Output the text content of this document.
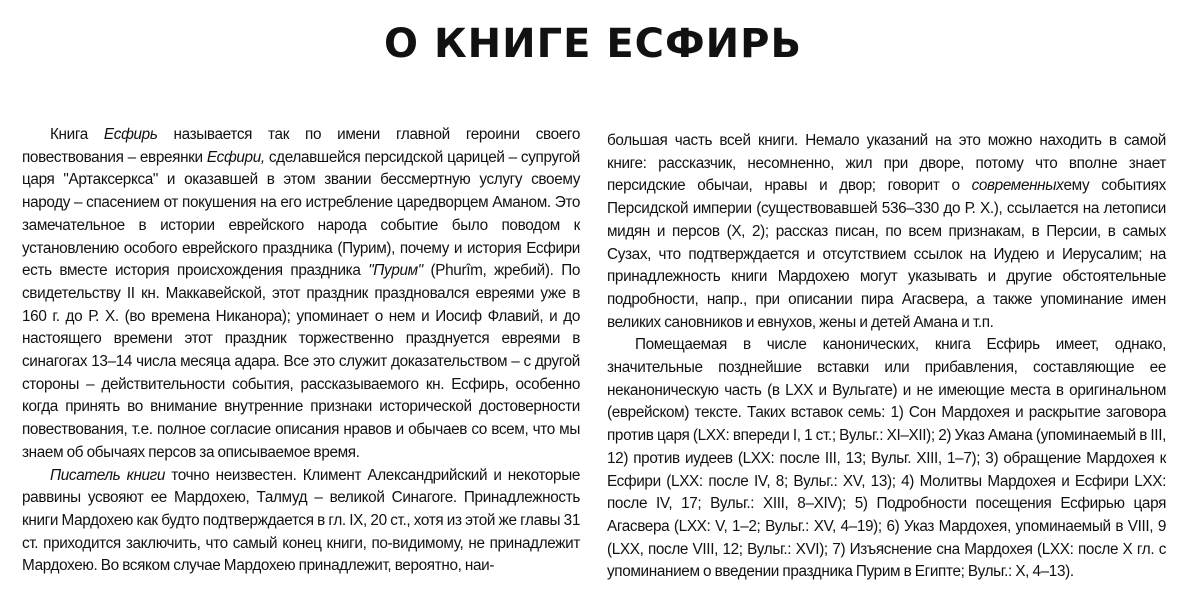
О КНИГЕ ЕСФИРЬ

Книга Есфирь называется так по имени главной героини своего повествования – евреянки Есфири, сделавшейся персидской царицей – супругой царя "Артаксеркса" и оказавшей в этом звании бессмертную услугу своему народу – спасением от покушения на его истребление царедворцем Аманом. Это замечательное в истории еврейского народа событие было поводом к установлению особого еврейского праздника (Пурим), почему и история Есфири есть вместе история происхождения праздника "Пурим" (Phurîm, жребий). По свидетельству II кн. Маккавейской, этот праздник праздновался евреями уже в 160 г. до Р. Х. (во времена Никанора); упоминает о нем и Иосиф Флавий, и до настоящего времени этот праздник торжественно празднуется евреями в синагогах 13–14 числа месяца адара. Все это служит доказательством – с другой стороны – действительности события, рассказываемого кн. Есфирь, особенно когда принять во внимание внутренние признаки исторической достоверности повествования, т.е. полное согласие описания нравов и обычаев со всем, что мы знаем об обычаях персов за описываемое время.

Писатель книги точно неизвестен. Климент Александрийский и некоторые раввины усвояют ее Мардохею, Талмуд – великой Синагоге. Принадлежность книги Мардохею как будто подтверждается в гл. IX, 20 ст., хотя из этой же главы 31 ст. приходится заключить, что самый конец книги, по-видимому, не принадлежит Мардохею. Во всяком случае Мардохею принадлежит, вероятно, наи-

большая часть всей книги. Немало указаний на это можно находить в самой книге: рассказчик, несомненно, жил при дворе, потому что вполне знает персидские обычаи, нравы и двор; говорит о современныхему событиях Персидской империи (существовавшей 536–330 до Р. Х.), ссылается на летописи мидян и персов (X, 2); рассказ писан, по всем признакам, в Персии, в самых Сузах, что подтверждается и отсутствием ссылок на Иудею и Иерусалим; на принадлежность книги Мардохею могут указывать и другие обстоятельные подробности, напр., при описании пира Агасвера, а также упоминание имен великих сановников и евнухов, жены и детей Амана и т.п.

Помещаемая в числе канонических, книга Есфирь имеет, однако, значительные позднейшие вставки или прибавления, составляющие ее неканоническую часть (в LXX и Вульгате) и не имеющие места в оригинальном (еврейском) тексте. Таких вставок семь: 1) Сон Мардохея и раскрытие заговора против царя (LXX: впереди I, 1 ст.; Вульг.: XI–XII); 2) Указ Амана (упоминаемый в III, 12) против иудеев (LXX: после III, 13; Вульг. XIII, 1–7); 3) обращение Мардохея к Есфири (LXX: после IV, 8; Вульг.: XV, 13); 4) Молитвы Мардохея и Есфири LXX: после IV, 17; Вульг.: XIII, 8–XIV); 5) Подробности посещения Есфирью царя Агасвера (LXX: V, 1–2; Вульг.: XV, 4–19); 6) Указ Мардохея, упоминаемый в VIII, 9 (LXX, после VIII, 12; Вульг.: XVI); 7) Изъяснение сна Мардохея (LXX: после X гл. с упоминанием о введении праздника Пурим в Египте; Вульг.: X, 4–13).
